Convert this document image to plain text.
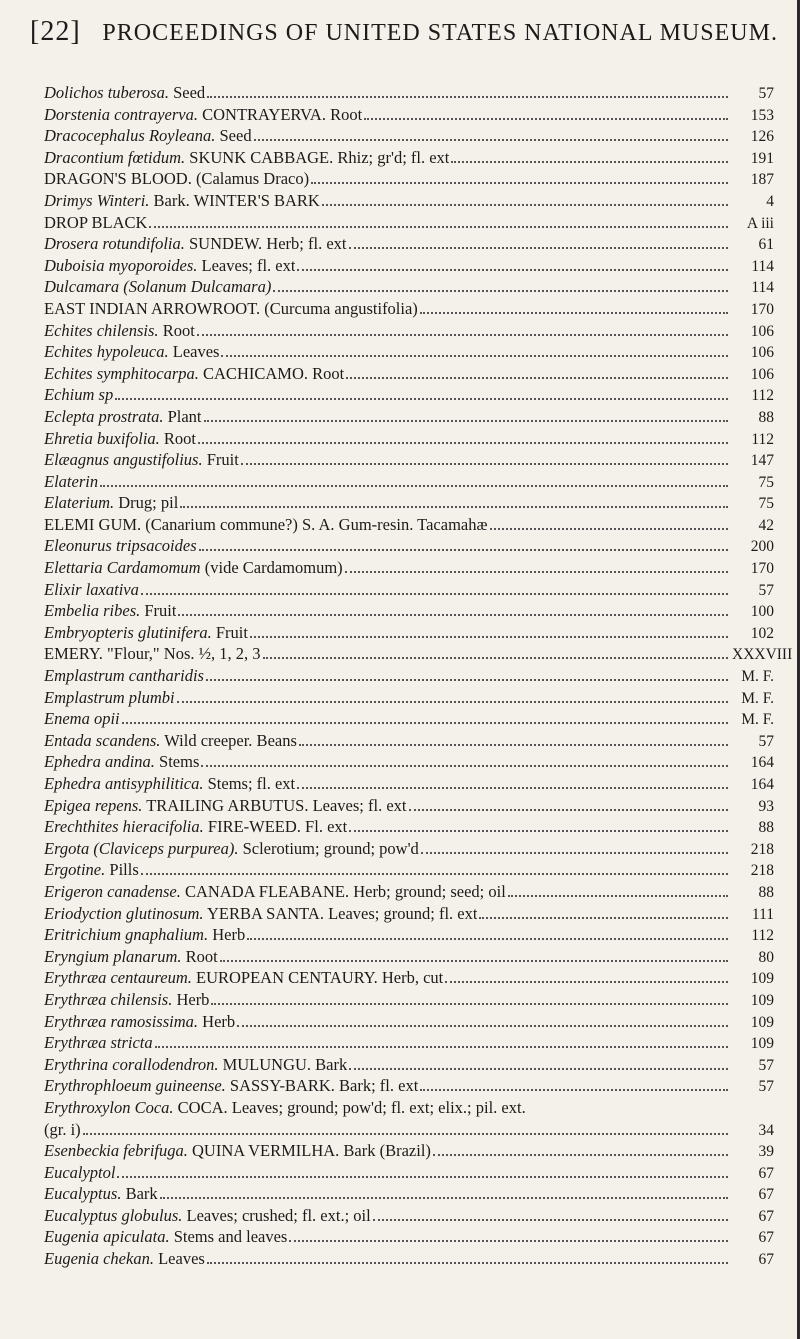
[22] PROCEEDINGS OF UNITED STATES NATIONAL MUSEUM.
Dolichos tuberosa. Seed	57
Dorstenia contrayerva. CONTRAYERVA. Root	153
Dracocephalus Royleana. Seed	126
Dracontium fœtidum. SKUNK CABBAGE. Rhiz; gr'd; fl. ext	191
DRAGON'S BLOOD. (Calamus Draco)	187
Drimys Winteri. Bark. WINTER'S BARK	4
DROP BLACK	A iii
Drosera rotundifolia. SUNDEW. Herb; fl. ext	61
Duboisia myoporoides. Leaves; fl. ext	114
Dulcamara (Solanum Dulcamara)	114
EAST INDIAN ARROWROOT. (Curcuma angustifolia)	170
Echites chilensis. Root	106
Echites hypoleuca. Leaves	106
Echites symphitocarpa. CACHICAMO. Root	106
Echium sp	112
Eclepta prostrata. Plant	88
Ehretia buxifolia. Root	112
Elæagnus angustifolius. Fruit	147
Elaterin	75
Elaterium. Drug; pil	75
ELEMI GUM. (Canarium commune?) S. A. Gum-resin. Tacamahæ	42
Eleonurus tripsacoides	200
Elettaria Cardamomum (vide Cardamomum)	170
Elixir laxativa	57
Embelia ribes. Fruit	100
Embryopteris glutinifera. Fruit	102
EMERY. "Flour," Nos. ½, 1, 2, 3	XXXVIII
Emplastrum cantharidis	M. F.
Emplastrum plumbi	M. F.
Enema opii	M. F.
Entada scandens. Wild creeper. Beans	57
Ephedra andina. Stems	164
Ephedra antisyphilitica. Stems; fl. ext	164
Epigea repens. TRAILING ARBUTUS. Leaves; fl. ext	93
Erechthites hieracifolia. FIRE-WEED. Fl. ext	88
Ergota (Claviceps purpurea). Sclerotium; ground; pow'd	218
Ergotine. Pills	218
Erigeron canadense. CANADA FLEABANE. Herb; ground; seed; oil	88
Eriodyction glutinosum. YERBA SANTA. Leaves; ground; fl. ext	111
Eritrichium gnaphalium. Herb	112
Eryngium planarum. Root	80
Erythræa centaureum. EUROPEAN CENTAURY. Herb, cut	109
Erythræa chilensis. Herb	109
Erythræa ramosissima. Herb	109
Erythræa stricta	109
Erythrina corallodendron. MULUNGU. Bark	57
Erythrophloeum guineense. SASSY-BARK. Bark; fl. ext	57
Erythroxylon Coca. COCA. Leaves; ground; pow'd; fl. ext; elix.; pil. ext.
(gr. i)	34
Esenbeckia febrifuga. QUINA VERMILHA. Bark (Brazil)	39
Eucalyptol	67
Eucalyptus. Bark	67
Eucalyptus globulus. Leaves; crushed; fl. ext.; oil	67
Eugenia apiculata. Stems and leaves	67
Eugenia chekan. Leaves	67
